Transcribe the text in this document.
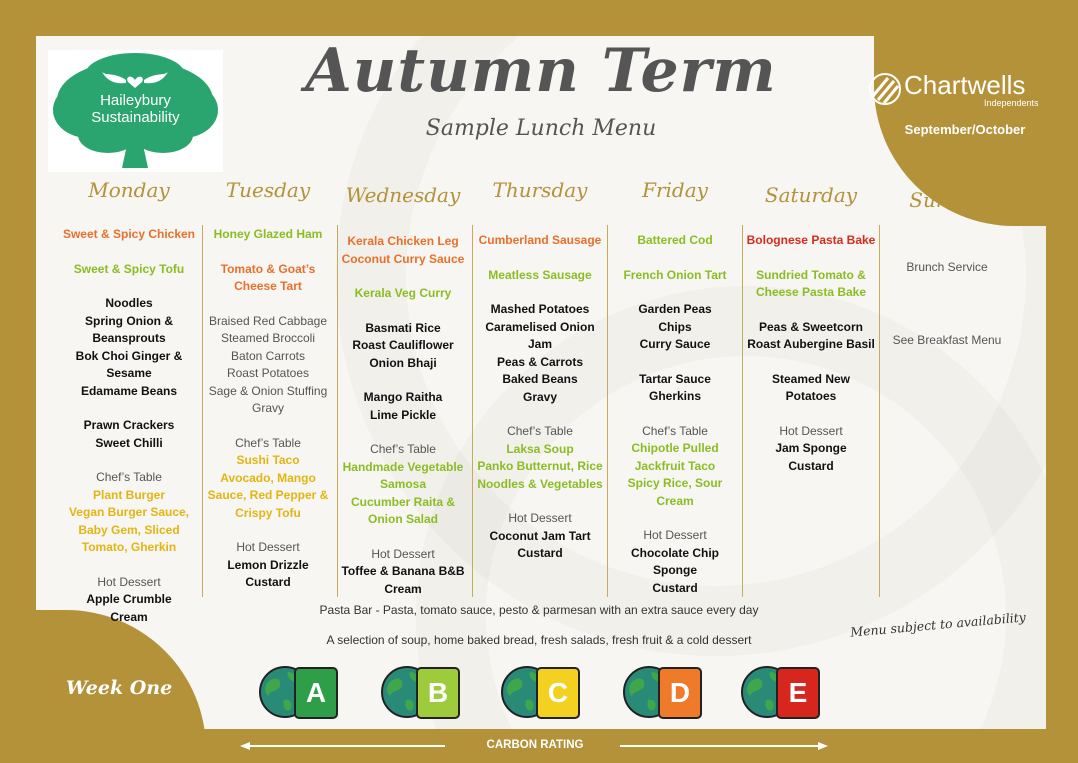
Haileybury
Sustainability
Autumn Term
Sample Lunch Menu
Chartwells
Independents
September/October
Monday
Sweet & Spicy Chicken
Sweet & Spicy Tofu
Noodles
Spring Onion &
Beansprouts
Bok Choi Ginger &
Sesame
Edamame Beans
Prawn Crackers
Sweet Chilli
Chef’s Table
Plant Burger
Vegan Burger Sauce,
Baby Gem, Sliced
Tomato, Gherkin
Hot Dessert
Apple Crumble
Cream
Tuesday
Honey Glazed Ham
Tomato & Goat’s
Cheese Tart
Braised Red Cabbage
Steamed Broccoli
Baton Carrots
Roast Potatoes
Sage & Onion Stuffing
Gravy
Chef’s Table
Sushi Taco
Avocado, Mango
Sauce, Red Pepper &
Crispy Tofu
Hot Dessert
Lemon Drizzle
Custard
Wednesday
Kerala Chicken Leg
Coconut Curry Sauce
Kerala Veg Curry
Basmati Rice
Roast Cauliflower
Onion Bhaji
Mango Raitha
Lime Pickle
Chef’s Table
Handmade Vegetable
Samosa
Cucumber Raita &
Onion Salad
Hot Dessert
Toffee & Banana B&B
Cream
Thursday
Cumberland Sausage
Meatless Sausage
Mashed Potatoes
Caramelised Onion
Jam
Peas & Carrots
Baked Beans
Gravy
Chef’s Table
Laksa Soup
Panko Butternut, Rice
Noodles & Vegetables
Hot Dessert
Coconut Jam Tart
Custard
Friday
Battered Cod
French Onion Tart
Garden Peas
Chips
Curry Sauce
Tartar Sauce
Gherkins
Chef’s Table
Chipotle Pulled
Jackfruit Taco
Spicy Rice, Sour
Cream
Hot Dessert
Chocolate Chip
Sponge
Custard
Saturday
Bolognese Pasta Bake
Sundried Tomato &
Cheese Pasta Bake
Peas & Sweetcorn
Roast Aubergine Basil
Steamed New
Potatoes
Hot Dessert
Jam Sponge
Custard
Sunday
Brunch Service
See Breakfast Menu
Pasta Bar - Pasta, tomato sauce, pesto & parmesan with an extra sauce every day
A selection of soup, home baked bread, fresh salads, fresh fruit & a cold dessert
Menu subject to availability
Week One	A	B	C	D	E
CARBON RATING
